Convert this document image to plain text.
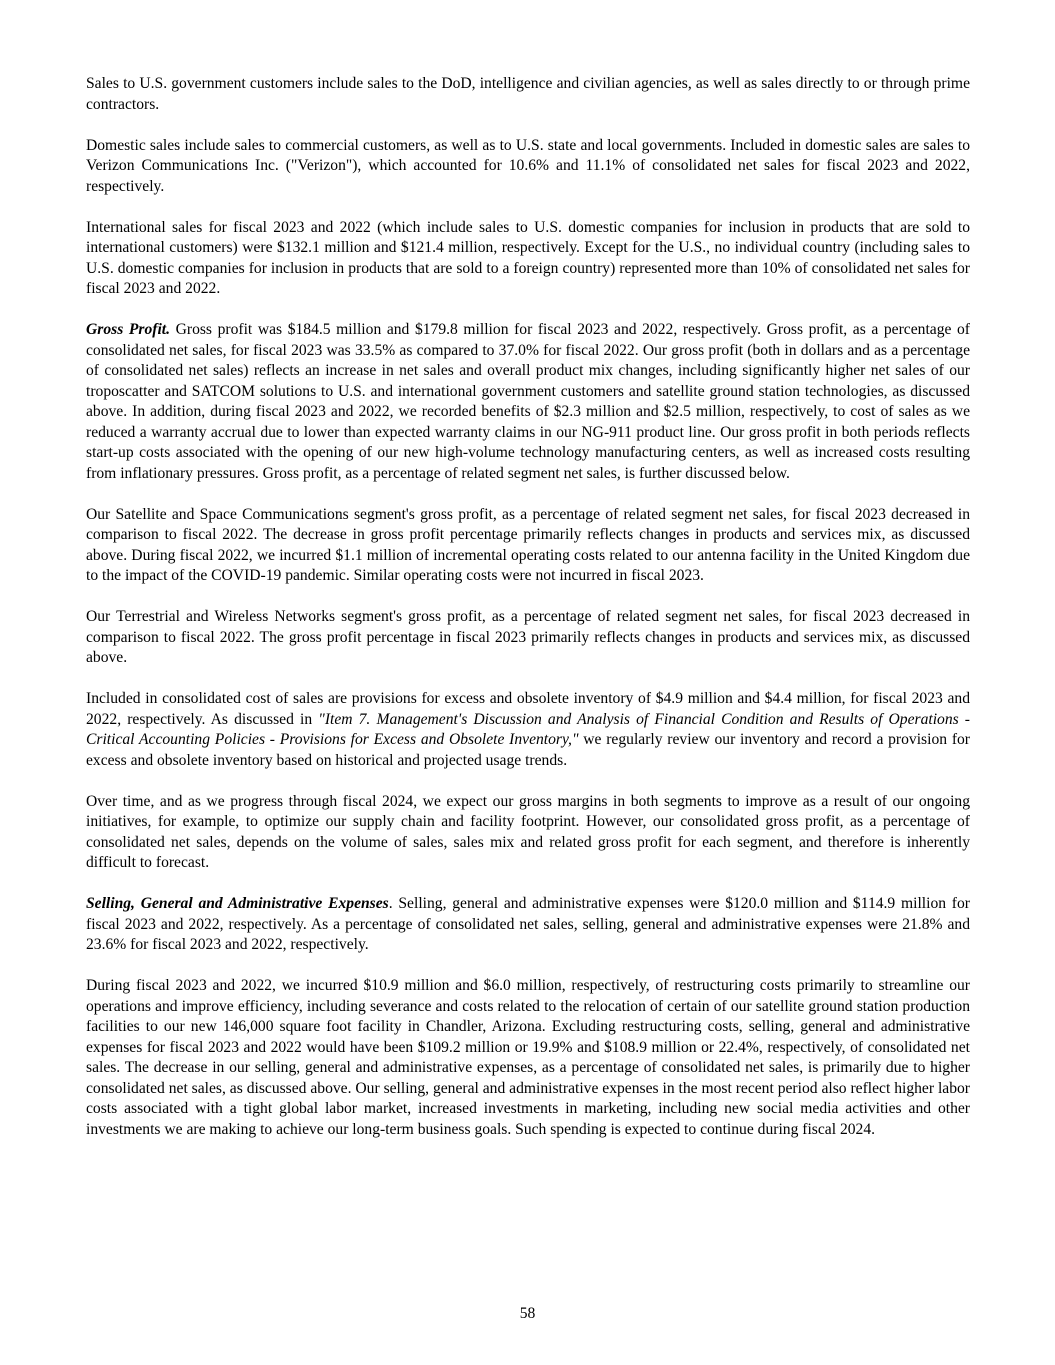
Sales to U.S. government customers include sales to the DoD, intelligence and civilian agencies, as well as sales directly to or through prime contractors.

Domestic sales include sales to commercial customers, as well as to U.S. state and local governments. Included in domestic sales are sales to Verizon Communications Inc. ("Verizon"), which accounted for 10.6% and 11.1% of consolidated net sales for fiscal 2023 and 2022, respectively.

International sales for fiscal 2023 and 2022 (which include sales to U.S. domestic companies for inclusion in products that are sold to international customers) were $132.1 million and $121.4 million, respectively. Except for the U.S., no individual country (including sales to U.S. domestic companies for inclusion in products that are sold to a foreign country) represented more than 10% of consolidated net sales for fiscal 2023 and 2022.

Gross Profit. Gross profit was $184.5 million and $179.8 million for fiscal 2023 and 2022, respectively. Gross profit, as a percentage of consolidated net sales, for fiscal 2023 was 33.5% as compared to 37.0% for fiscal 2022. Our gross profit (both in dollars and as a percentage of consolidated net sales) reflects an increase in net sales and overall product mix changes, including significantly higher net sales of our troposcatter and SATCOM solutions to U.S. and international government customers and satellite ground station technologies, as discussed above. In addition, during fiscal 2023 and 2022, we recorded benefits of $2.3 million and $2.5 million, respectively, to cost of sales as we reduced a warranty accrual due to lower than expected warranty claims in our NG-911 product line. Our gross profit in both periods reflects start-up costs associated with the opening of our new high-volume technology manufacturing centers, as well as increased costs resulting from inflationary pressures. Gross profit, as a percentage of related segment net sales, is further discussed below.

Our Satellite and Space Communications segment's gross profit, as a percentage of related segment net sales, for fiscal 2023 decreased in comparison to fiscal 2022. The decrease in gross profit percentage primarily reflects changes in products and services mix, as discussed above. During fiscal 2022, we incurred $1.1 million of incremental operating costs related to our antenna facility in the United Kingdom due to the impact of the COVID-19 pandemic. Similar operating costs were not incurred in fiscal 2023.

Our Terrestrial and Wireless Networks segment's gross profit, as a percentage of related segment net sales, for fiscal 2023 decreased in comparison to fiscal 2022. The gross profit percentage in fiscal 2023 primarily reflects changes in products and services mix, as discussed above.

Included in consolidated cost of sales are provisions for excess and obsolete inventory of $4.9 million and $4.4 million, for fiscal 2023 and 2022, respectively. As discussed in "Item 7. Management's Discussion and Analysis of Financial Condition and Results of Operations - Critical Accounting Policies - Provisions for Excess and Obsolete Inventory," we regularly review our inventory and record a provision for excess and obsolete inventory based on historical and projected usage trends.

Over time, and as we progress through fiscal 2024, we expect our gross margins in both segments to improve as a result of our ongoing initiatives, for example, to optimize our supply chain and facility footprint. However, our consolidated gross profit, as a percentage of consolidated net sales, depends on the volume of sales, sales mix and related gross profit for each segment, and therefore is inherently difficult to forecast.

Selling, General and Administrative Expenses. Selling, general and administrative expenses were $120.0 million and $114.9 million for fiscal 2023 and 2022, respectively. As a percentage of consolidated net sales, selling, general and administrative expenses were 21.8% and 23.6% for fiscal 2023 and 2022, respectively.

During fiscal 2023 and 2022, we incurred $10.9 million and $6.0 million, respectively, of restructuring costs primarily to streamline our operations and improve efficiency, including severance and costs related to the relocation of certain of our satellite ground station production facilities to our new 146,000 square foot facility in Chandler, Arizona. Excluding restructuring costs, selling, general and administrative expenses for fiscal 2023 and 2022 would have been $109.2 million or 19.9% and $108.9 million or 22.4%, respectively, of consolidated net sales. The decrease in our selling, general and administrative expenses, as a percentage of consolidated net sales, is primarily due to higher consolidated net sales, as discussed above. Our selling, general and administrative expenses in the most recent period also reflect higher labor costs associated with a tight global labor market, increased investments in marketing, including new social media activities and other investments we are making to achieve our long-term business goals. Such spending is expected to continue during fiscal 2024.

58
